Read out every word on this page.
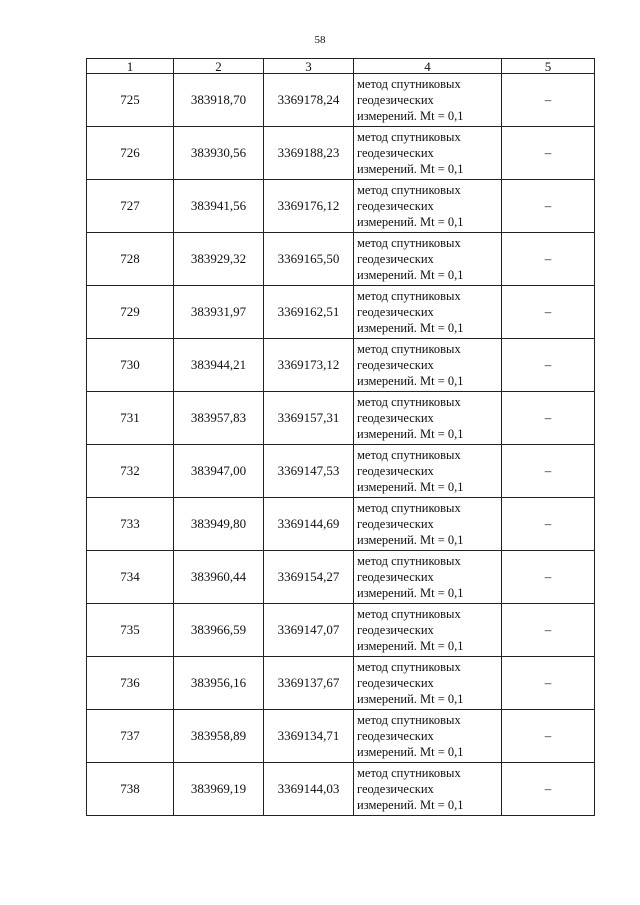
58
1	2	3	4	5
725	383918,70	3369178,24	метод спутниковых
геодезических
измерений. Mt = 0,1	–
726	383930,56	3369188,23	метод спутниковых
геодезических
измерений. Mt = 0,1	–
727	383941,56	3369176,12	метод спутниковых
геодезических
измерений. Mt = 0,1	–
728	383929,32	3369165,50	метод спутниковых
геодезических
измерений. Mt = 0,1	–
729	383931,97	3369162,51	метод спутниковых
геодезических
измерений. Mt = 0,1	–
730	383944,21	3369173,12	метод спутниковых
геодезических
измерений. Mt = 0,1	–
731	383957,83	3369157,31	метод спутниковых
геодезических
измерений. Mt = 0,1	–
732	383947,00	3369147,53	метод спутниковых
геодезических
измерений. Mt = 0,1	–
733	383949,80	3369144,69	метод спутниковых
геодезических
измерений. Mt = 0,1	–
734	383960,44	3369154,27	метод спутниковых
геодезических
измерений. Mt = 0,1	–
735	383966,59	3369147,07	метод спутниковых
геодезических
измерений. Mt = 0,1	–
736	383956,16	3369137,67	метод спутниковых
геодезических
измерений. Mt = 0,1	–
737	383958,89	3369134,71	метод спутниковых
геодезических
измерений. Mt = 0,1	–
738	383969,19	3369144,03	метод спутниковых
геодезических
измерений. Mt = 0,1	–
